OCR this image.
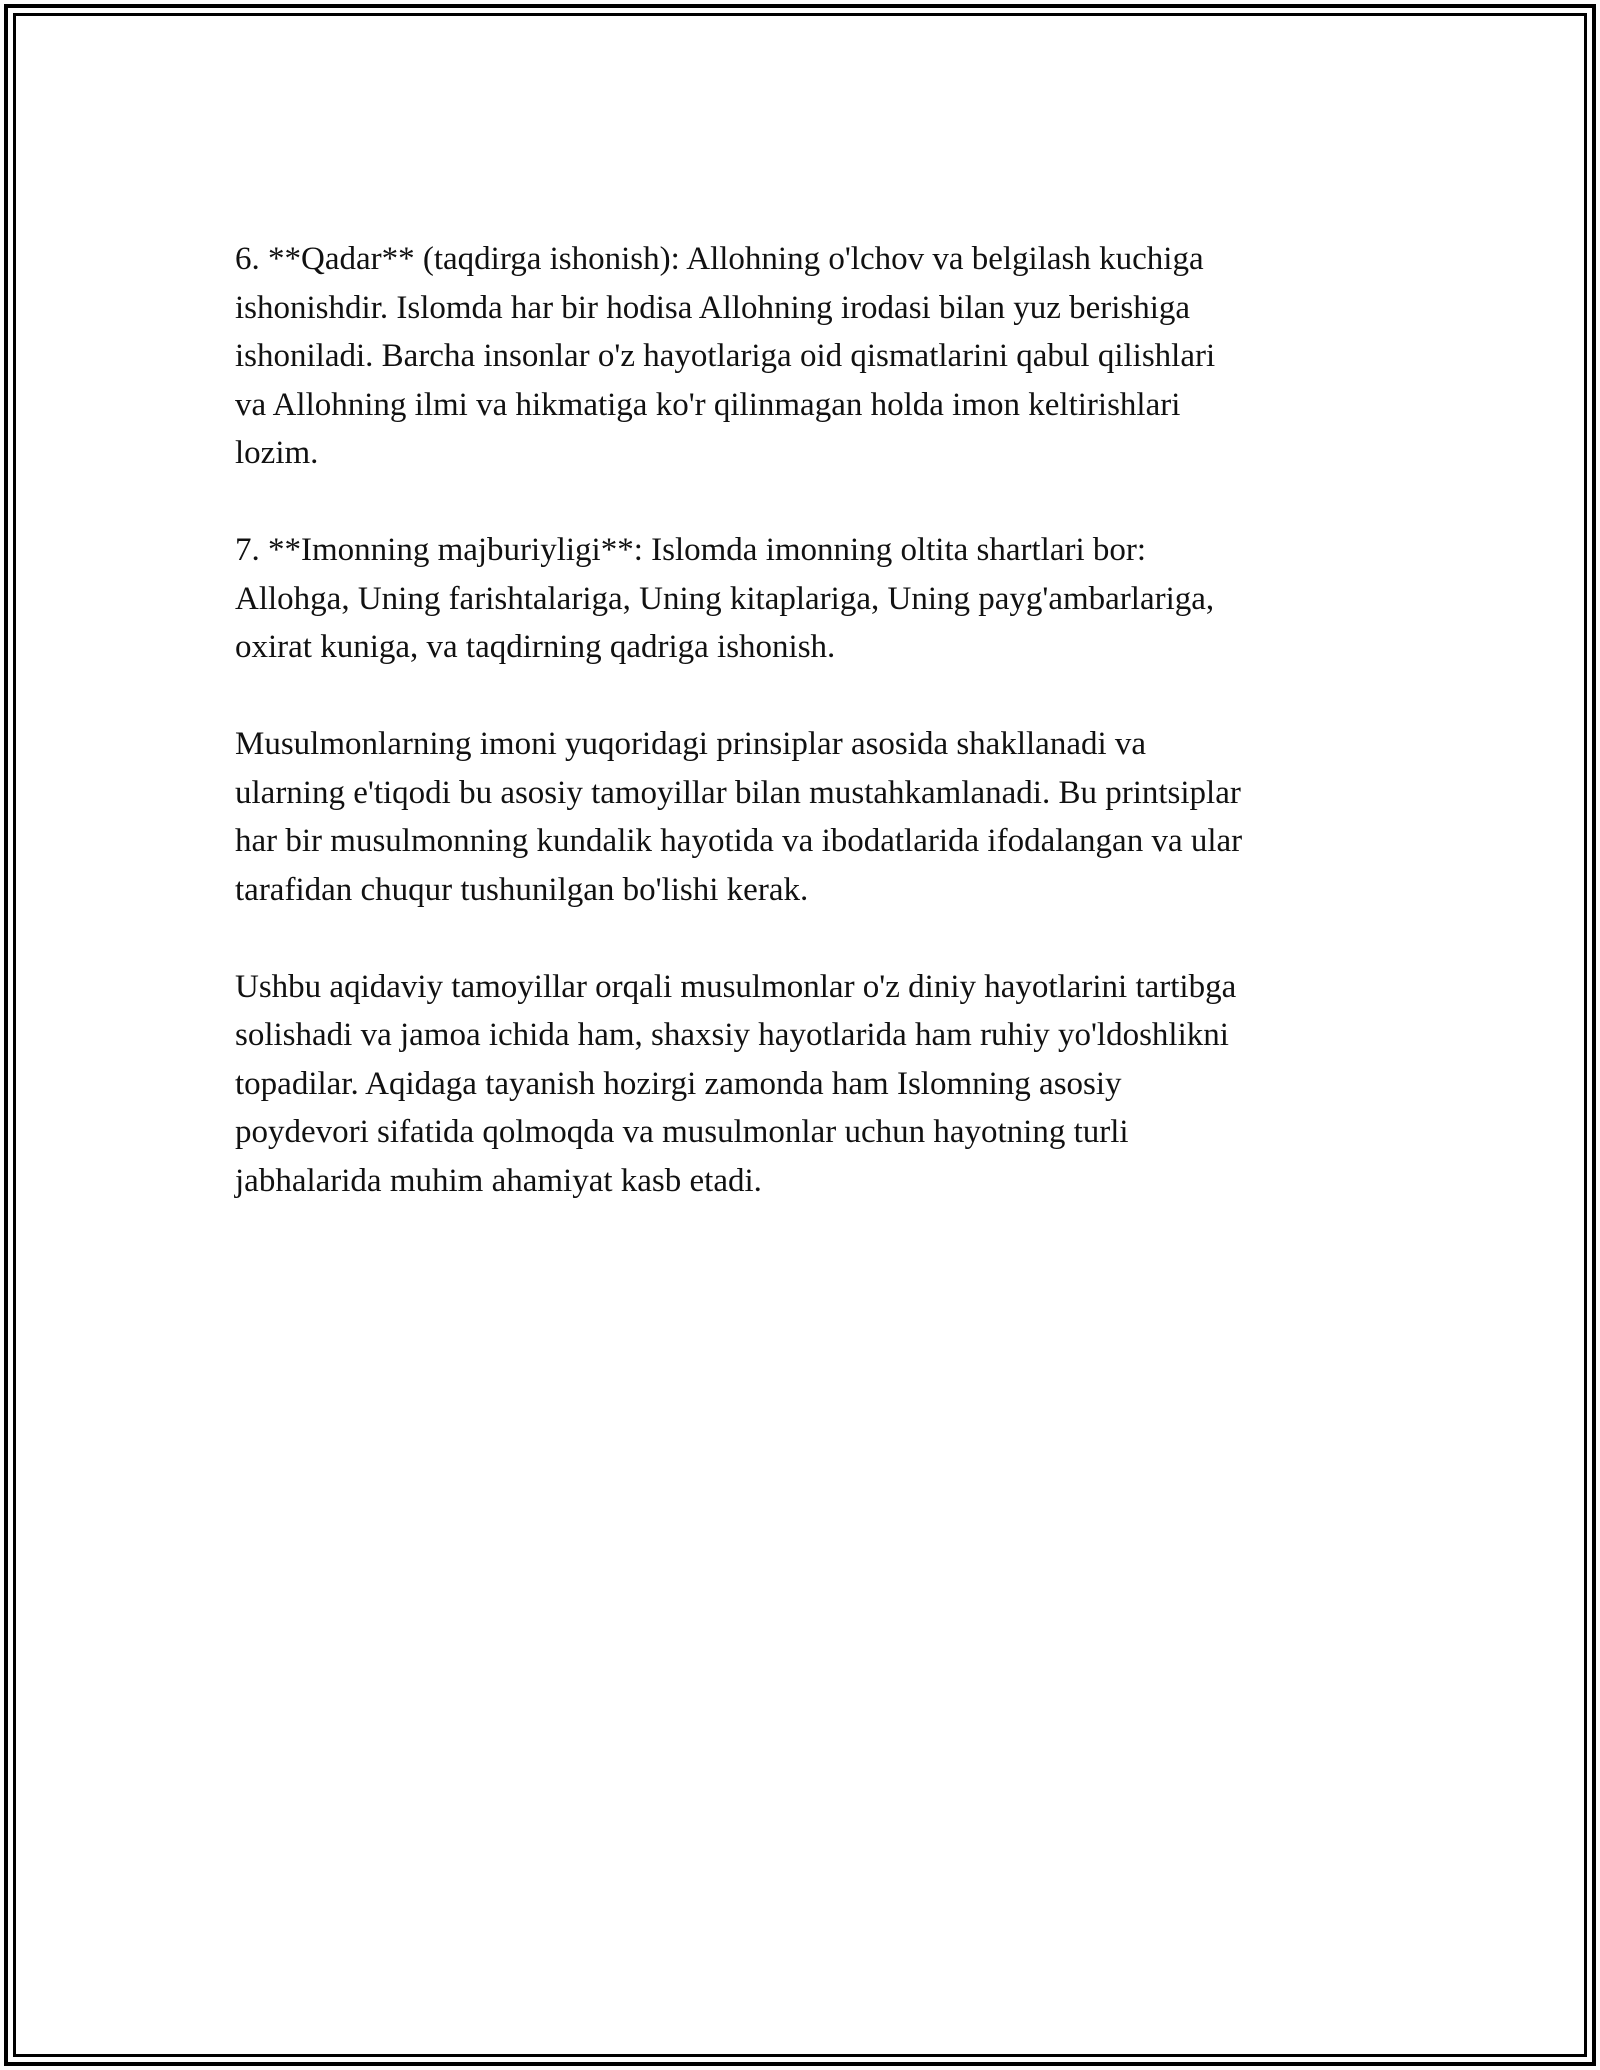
6. **Qadar** (taqdirga ishonish): Allohning o'lchov va belgilash kuchiga
ishonishdir. Islomda har bir hodisa Allohning irodasi bilan yuz berishiga
ishoniladi. Barcha insonlar o'z hayotlariga oid qismatlarini qabul qilishlari
va Allohning ilmi va hikmatiga ko'r qilinmagan holda imon keltirishlari
lozim.

7. **Imonning majburiyligi**: Islomda imonning oltita shartlari bor:
Allohga, Uning farishtalariga, Uning kitaplariga, Uning payg'ambarlariga,
oxirat kuniga, va taqdirning qadriga ishonish.

Musulmonlarning imoni yuqoridagi prinsiplar asosida shakllanadi va
ularning e'tiqodi bu asosiy tamoyillar bilan mustahkamlanadi. Bu printsiplar
har bir musulmonning kundalik hayotida va ibodatlarida ifodalangan va ular
tarafidan chuqur tushunilgan bo'lishi kerak.

Ushbu aqidaviy tamoyillar orqali musulmonlar o'z diniy hayotlarini tartibga
solishadi va jamoa ichida ham, shaxsiy hayotlarida ham ruhiy yo'ldoshlikni
topadilar. Aqidaga tayanish hozirgi zamonda ham Islomning asosiy
poydevori sifatida qolmoqda va musulmonlar uchun hayotning turli
jabhalarida muhim ahamiyat kasb etadi.
